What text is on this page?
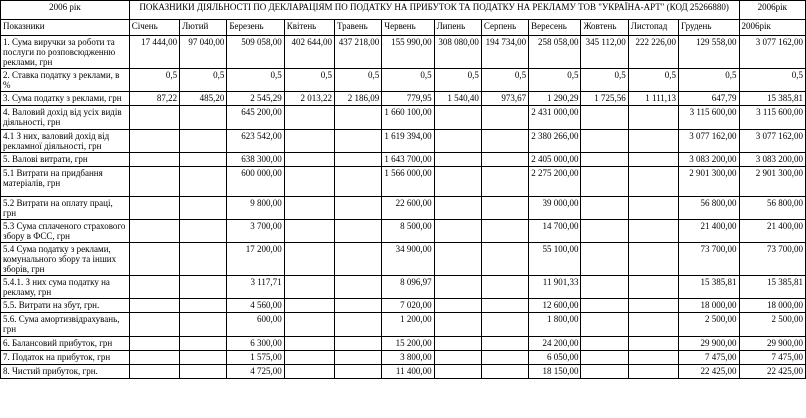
2006 рік	ПОКАЗНИКИ ДІЯЛЬНОСТІ ПО ДЕКЛАРАЦІЯМ ПО ПОДАТКУ НА ПРИБУТОК ТА ПОДАТКУ НА РЕКЛАМУ ТОВ "УКРАЇНА-АРТ" (КОД 25266880)												2006рік
Показники	Січень	Лютий	Березень	Квітень	Травень	Червень	Липень	Серпень	Вересень	Жовтень	Листопад	Грудень	2006рік
1. Сума виручки за роботи та послуги по розповсюдженню реклами, грн	17 444,00	97 040,00	509 058,00	402 644,00	437 218,00	155 990,00	308 080,00	194 734,00	258 058,00	345 112,00	222 226,00	129 558,00	3 077 162,00
2. Ставка податку з реклами, в %	0,5	0,5	0,5	0,5	0,5	0,5	0,5	0,5	0,5	0,5	0,5	0,5	0,5
3. Сума податку з реклами, грн	87,22	485,20	2 545,29	2 013,22	2 186,09	779,95	1 540,40	973,67	1 290,29	1 725,56	1 111,13	647,79	15 385,81
4. Валовий дохід від усіх видів діяльності, грн			645 200,00			1 660 100,00			2 431 000,00			3 115 600,00	3 115 600,00
4.1 З них, валовий дохід від рекламної діяльності, грн			623 542,00			1 619 394,00			2 380 266,00			3 077 162,00	3 077 162,00
5. Валові витрати, грн			638 300,00			1 643 700,00			2 405 000,00			3 083 200,00	3 083 200,00
5.1 Витрати на придбання матеріалів, грн			600 000,00			1 566 000,00			2 275 200,00			2 901 300,00	2 901 300,00
5.2 Витрати на оплату праці, грн			9 800,00			22 600,00			39 000,00			56 800,00	56 800,00
5.3 Сума сплаченого страхового збору в ФСС, грн			3 700,00			8 500,00			14 700,00			21 400,00	21 400,00
5.4 Сума податку з реклами, комунального збору та інших зборів, грн			17 200,00			34 900,00			55 100,00			73 700,00	73 700,00
5.4.1. З них сума податку на рекламу, грн			3 117,71			8 096,97			11 901,33			15 385,81	15 385,81
5.5. Витрати на збут, грн.			4 560,00			7 020,00			12 600,00			18 000,00	18 000,00
5.6. Сума амортизвідрахувань, грн			600,00			1 200,00			1 800,00			2 500,00	2 500,00
6. Балансовий прибуток, грн			6 300,00			15 200,00			24 200,00			29 900,00	29 900,00
7. Податок на прибуток, грн			1 575,00			3 800,00			6 050,00			7 475,00	7 475,00
8. Чистий прибуток, грн.			4 725,00			11 400,00			18 150,00			22 425,00	22 425,00
